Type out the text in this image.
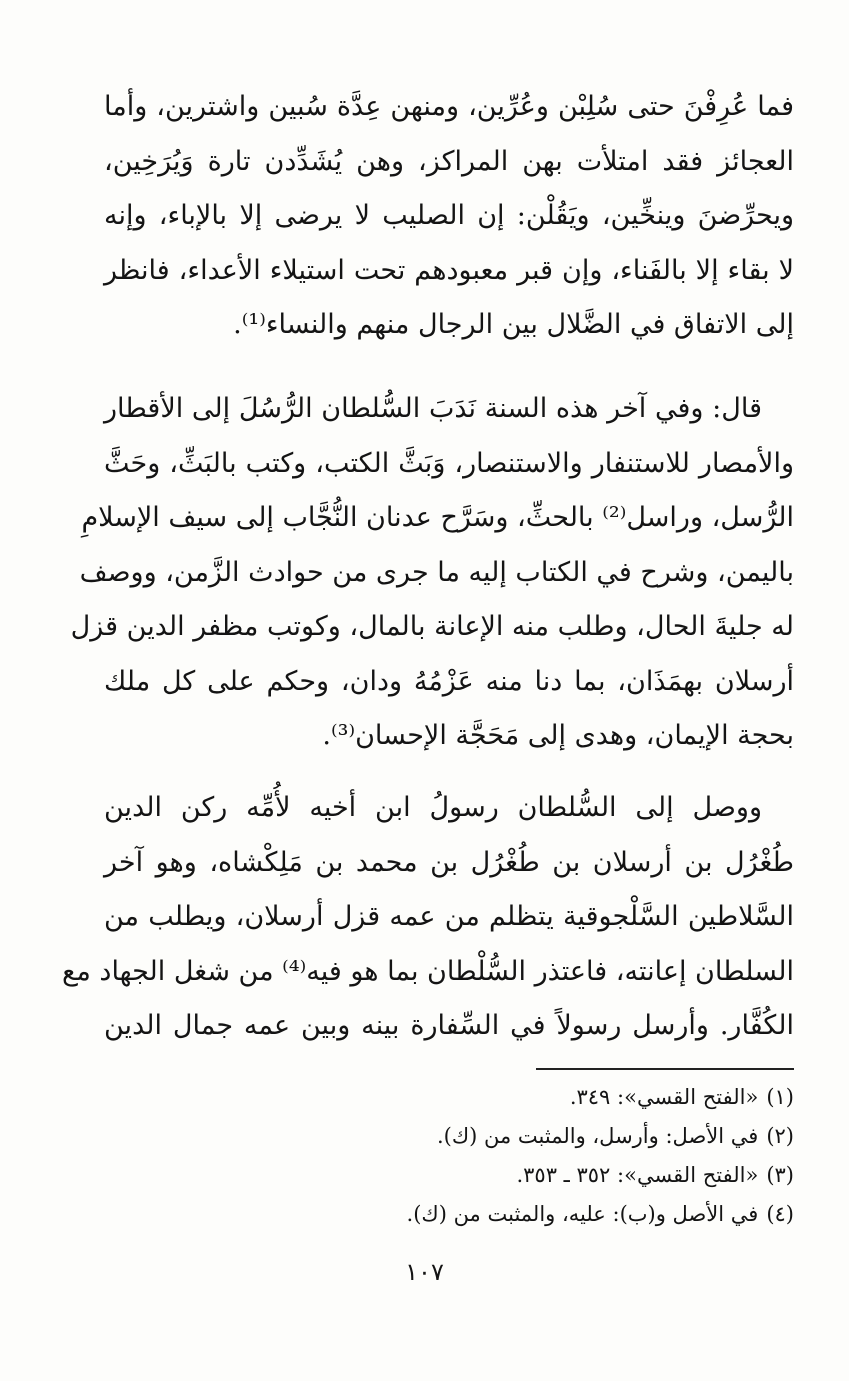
فما عُرِفْنَ حتى سُلِبْن وعُرِّين، ومنهن عِدَّة سُبين واشترين، وأما
العجائز فقد امتلأت بهن المراكز، وهن يُشَدِّدن تارة وَيُرَخِين،
ويحرِّضنَ وينخِّين، ويَقُلْن: إن الصليب لا يرضى إلا بالإباء، وإنه
لا بقاء إلا بالفَناء، وإن قبر معبودهم تحت استيلاء الأعداء، فانظر
إلى الاتفاق في الضَّلال بين الرجال منهم والنساء⁽¹⁾.
قال: وفي آخر هذه السنة نَدَبَ السُّلطان الرُّسُلَ إلى الأقطار
والأمصار للاستنفار والاستنصار، وَبَثَّ الكتب، وكتب بالبَثِّ، وحَثَّ
الرُّسل، وراسل⁽²⁾ بالحثِّ، وسَرَّح عدنان النُّجَّاب إلى سيف الإسلامِ
باليمن، وشرح في الكتاب إليه ما جرى من حوادث الزَّمن، ووصف
له جليةَ الحال، وطلب منه الإعانة بالمال، وكوتب مظفر الدين قزل
أرسلان بهمَذَان، بما دنا منه عَزْمُهُ ودان، وحكم على كل ملك
بحجة الإيمان، وهدى إلى مَحَجَّة الإحسان⁽³⁾.
ووصل إلى السُّلطان رسولُ ابن أخيه لأُمِّه ركن الدين
طُغْرُل بن أرسلان بن طُغْرُل بن محمد بن مَلِكْشاه، وهو آخر
السَّلاطين السَّلْجوقية يتظلم من عمه قزل أرسلان، ويطلب من
السلطان إعانته، فاعتذر السُّلْطان بما هو فيه⁽⁴⁾ من شغل الجهاد مع
الكُفَّار. وأرسل رسولاً في السِّفارة بينه وبين عمه جمال الدين
(١)«الفتح القسي»: ٣٤٩.
(٢)في الأصل: وأرسل، والمثبت من (ك).
(٣)«الفتح القسي»: ٣٥٢ ـ ٣٥٣.
(٤)في الأصل و(ب): عليه، والمثبت من (ك).
١٠٧
